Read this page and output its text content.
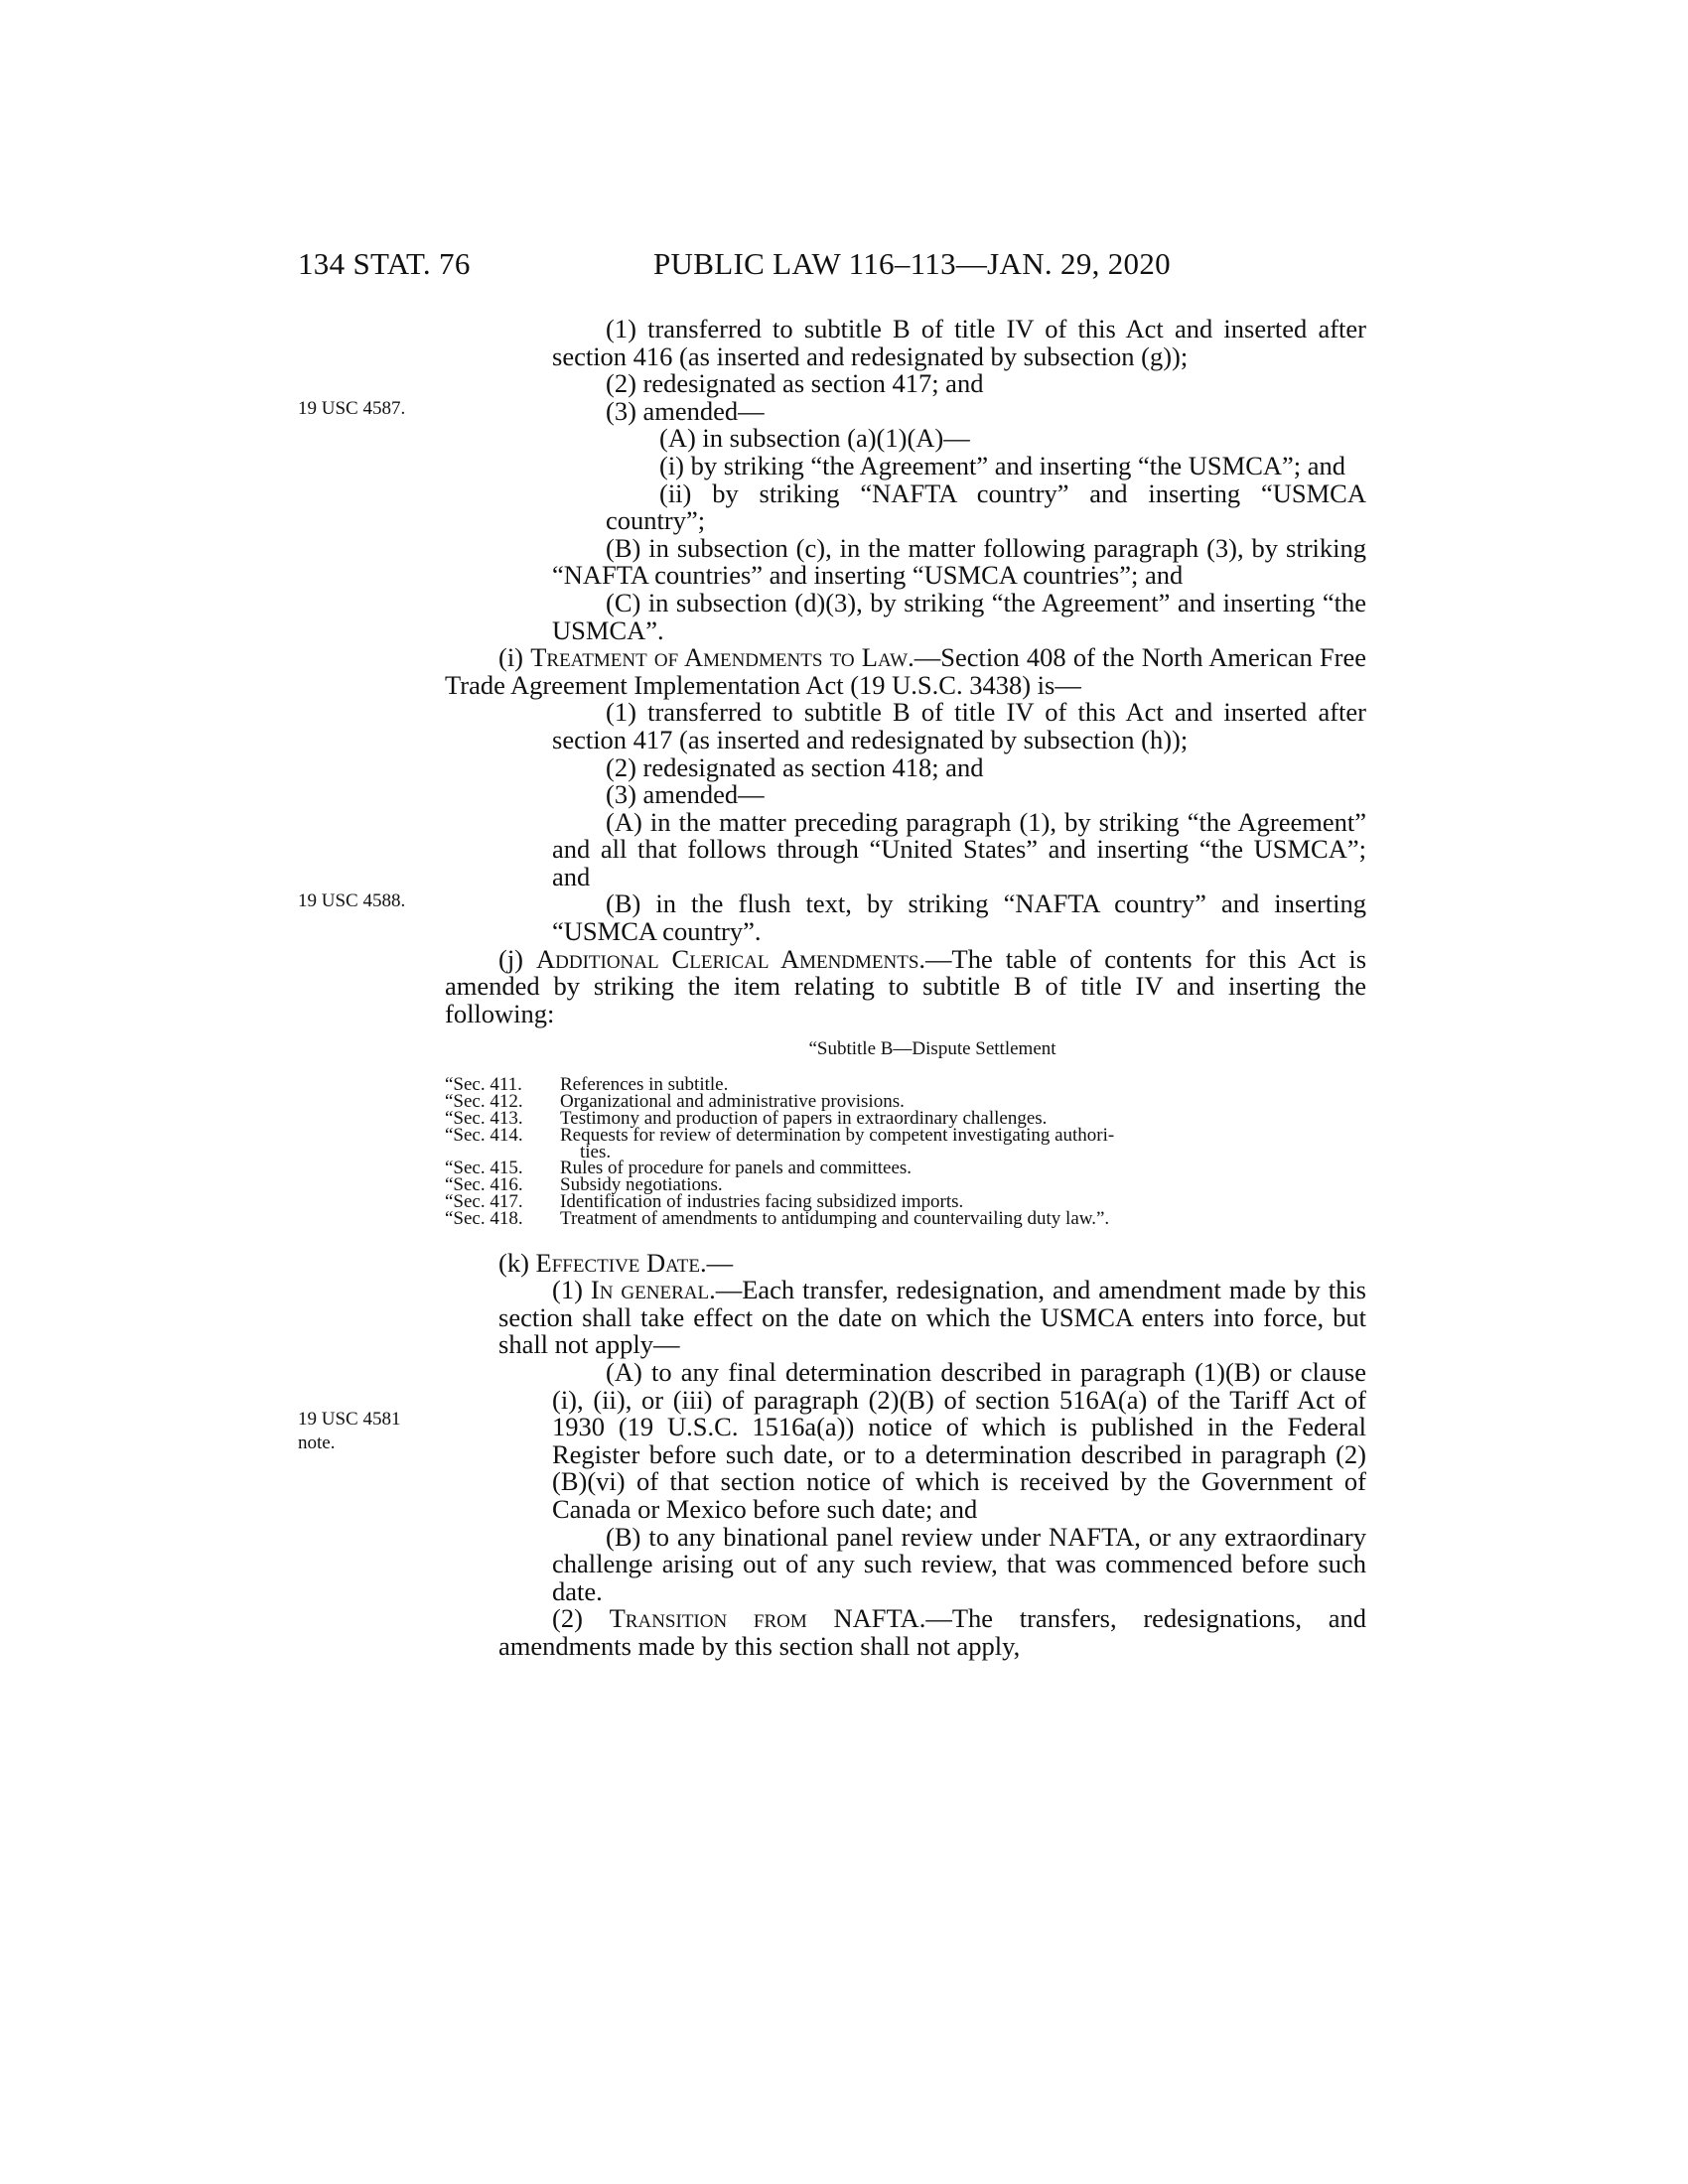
134 STAT. 76	PUBLIC LAW 116–113—JAN. 29, 2020
19 USC 4587.
19 USC 4588.
19 USC 4581
note.
(1) transferred to subtitle B of title IV of this Act and inserted after section 416 (as inserted and redesignated by subsection (g));
(2) redesignated as section 417; and
(3) amended—
(A) in subsection (a)(1)(A)—
(i) by striking “the Agreement” and inserting “the USMCA”; and
(ii) by striking “NAFTA country” and inserting “USMCA country”;
(B) in subsection (c), in the matter following paragraph (3), by striking “NAFTA countries” and inserting “USMCA countries”; and
(C) in subsection (d)(3), by striking “the Agreement” and inserting “the USMCA”.
(i) Treatment of Amendments to Law.—Section 408 of the North American Free Trade Agreement Implementation Act (19 U.S.C. 3438) is—
(1) transferred to subtitle B of title IV of this Act and inserted after section 417 (as inserted and redesignated by subsection (h));
(2) redesignated as section 418; and
(3) amended—
(A) in the matter preceding paragraph (1), by striking “the Agreement” and all that follows through “United States” and inserting “the USMCA”; and
(B) in the flush text, by striking “NAFTA country” and inserting “USMCA country”.
(j) Additional Clerical Amendments.—The table of contents for this Act is amended by striking the item relating to subtitle B of title IV and inserting the following:
“Subtitle B—Dispute Settlement
“Sec. 411.	References in subtitle.
“Sec. 412.	Organizational and administrative provisions.
“Sec. 413.	Testimony and production of papers in extraordinary challenges.
“Sec. 414.	Requests for review of determination by competent investigating authori-
ties.
“Sec. 415.	Rules of procedure for panels and committees.
“Sec. 416.	Subsidy negotiations.
“Sec. 417.	Identification of industries facing subsidized imports.
“Sec. 418.	Treatment of amendments to antidumping and countervailing duty law.”.
(k) Effective Date.—
(1) In general.—Each transfer, redesignation, and amendment made by this section shall take effect on the date on which the USMCA enters into force, but shall not apply—
(A) to any final determination described in paragraph (1)(B) or clause (i), (ii), or (iii) of paragraph (2)(B) of section 516A(a) of the Tariff Act of 1930 (19 U.S.C. 1516a(a)) notice of which is published in the Federal Register before such date, or to a determination described in paragraph (2)(B)(vi) of that section notice of which is received by the Government of Canada or Mexico before such date; and
(B) to any binational panel review under NAFTA, or any extraordinary challenge arising out of any such review, that was commenced before such date.
(2) Transition from NAFTA.—The transfers, redesignations, and amendments made by this section shall not apply,
